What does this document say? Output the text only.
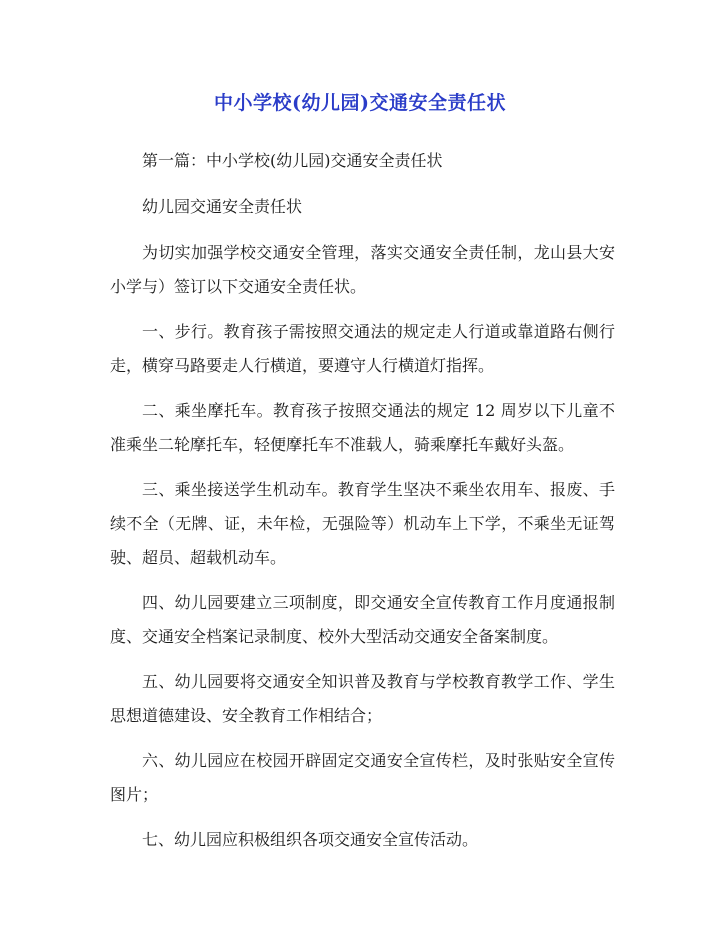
中小学校(幼儿园)交通安全责任状

第一篇：中小学校(幼儿园)交通安全责任状

幼儿园交通安全责任状

为切实加强学校交通安全管理，落实交通安全责任制，龙山县大安小学与）签订以下交通安全责任状。

一、步行。教育孩子需按照交通法的规定走人行道或靠道路右侧行走，横穿马路要走人行横道，要遵守人行横道灯指挥。

二、乘坐摩托车。教育孩子按照交通法的规定 12 周岁以下儿童不准乘坐二轮摩托车，轻便摩托车不准载人，骑乘摩托车戴好头盔。

三、乘坐接送学生机动车。教育学生坚决不乘坐农用车、报废、手续不全（无牌、证，未年检，无强险等）机动车上下学，不乘坐无证驾驶、超员、超载机动车。

四、幼儿园要建立三项制度，即交通安全宣传教育工作月度通报制度、交通安全档案记录制度、校外大型活动交通安全备案制度。

五、幼儿园要将交通安全知识普及教育与学校教育教学工作、学生思想道德建设、安全教育工作相结合；

六、幼儿园应在校园开辟固定交通安全宣传栏，及时张贴安全宣传图片；

七、幼儿园应积极组织各项交通安全宣传活动。
